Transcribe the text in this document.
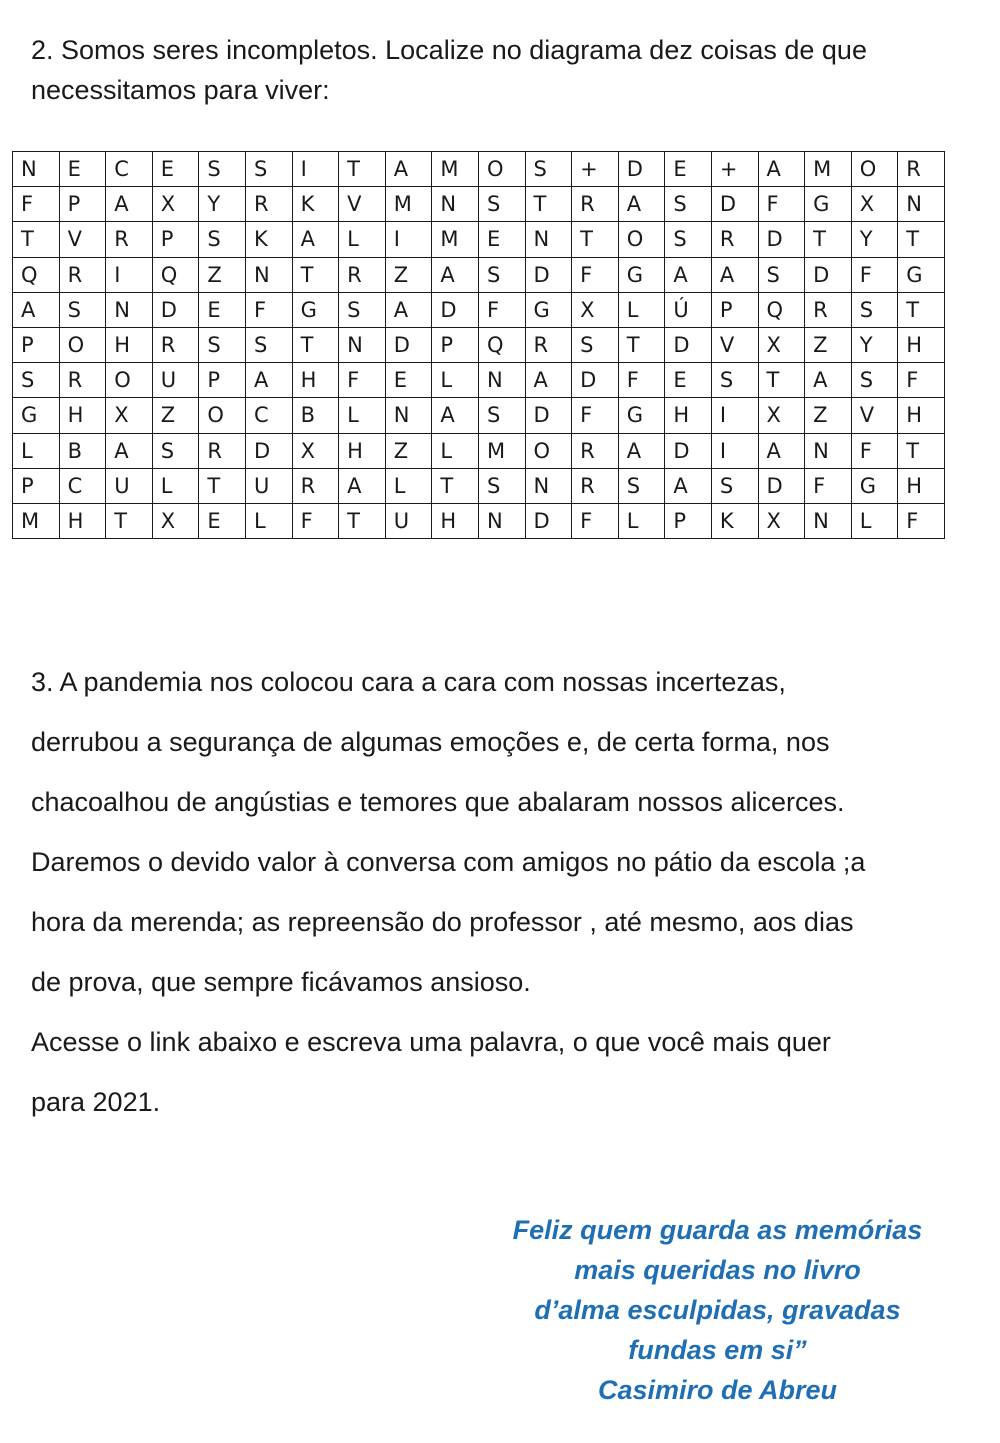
2. Somos seres incompletos. Localize no diagrama dez coisas de que necessitamos para viver:

N	E	C	E	S	S	I	T	A	M	O	S	+	D	E	+	A	M	O	R
F	P	A	X	Y	R	K	V	M	N	S	T	R	A	S	D	F	G	X	N
T	V	R	P	S	K	A	L	I	M	E	N	T	O	S	R	D	T	Y	T
Q	R	I	Q	Z	N	T	R	Z	A	S	D	F	G	A	A	S	D	F	G
A	S	N	D	E	F	G	S	A	D	F	G	X	L	Ú	P	Q	R	S	T
P	O	H	R	S	S	T	N	D	P	Q	R	S	T	D	V	X	Z	Y	H
S	R	O	U	P	A	H	F	E	L	N	A	D	F	E	S	T	A	S	F
G	H	X	Z	O	C	B	L	N	A	S	D	F	G	H	I	X	Z	V	H
L	B	A	S	R	D	X	H	Z	L	M	O	R	A	D	I	A	N	F	T
P	C	U	L	T	U	R	A	L	T	S	N	R	S	A	S	D	F	G	H
M	H	T	X	E	L	F	T	U	H	N	D	F	L	P	K	X	N	L	F

3. A pandemia nos colocou cara a cara com nossas incertezas,

derrubou a segurança de algumas emoções e, de certa forma, nos

chacoalhou de angústias e temores que abalaram nossos alicerces.

Daremos o devido valor à conversa com amigos no pátio da escola ;a

hora da merenda; as repreensão do professor , até mesmo, aos dias

de prova, que sempre ficávamos ansioso.

Acesse o link abaixo e escreva uma palavra, o que você mais quer

para 2021.

Feliz quem guarda as memórias
mais queridas no livro
d’alma esculpidas, gravadas
fundas em si”
Casimiro de Abreu
